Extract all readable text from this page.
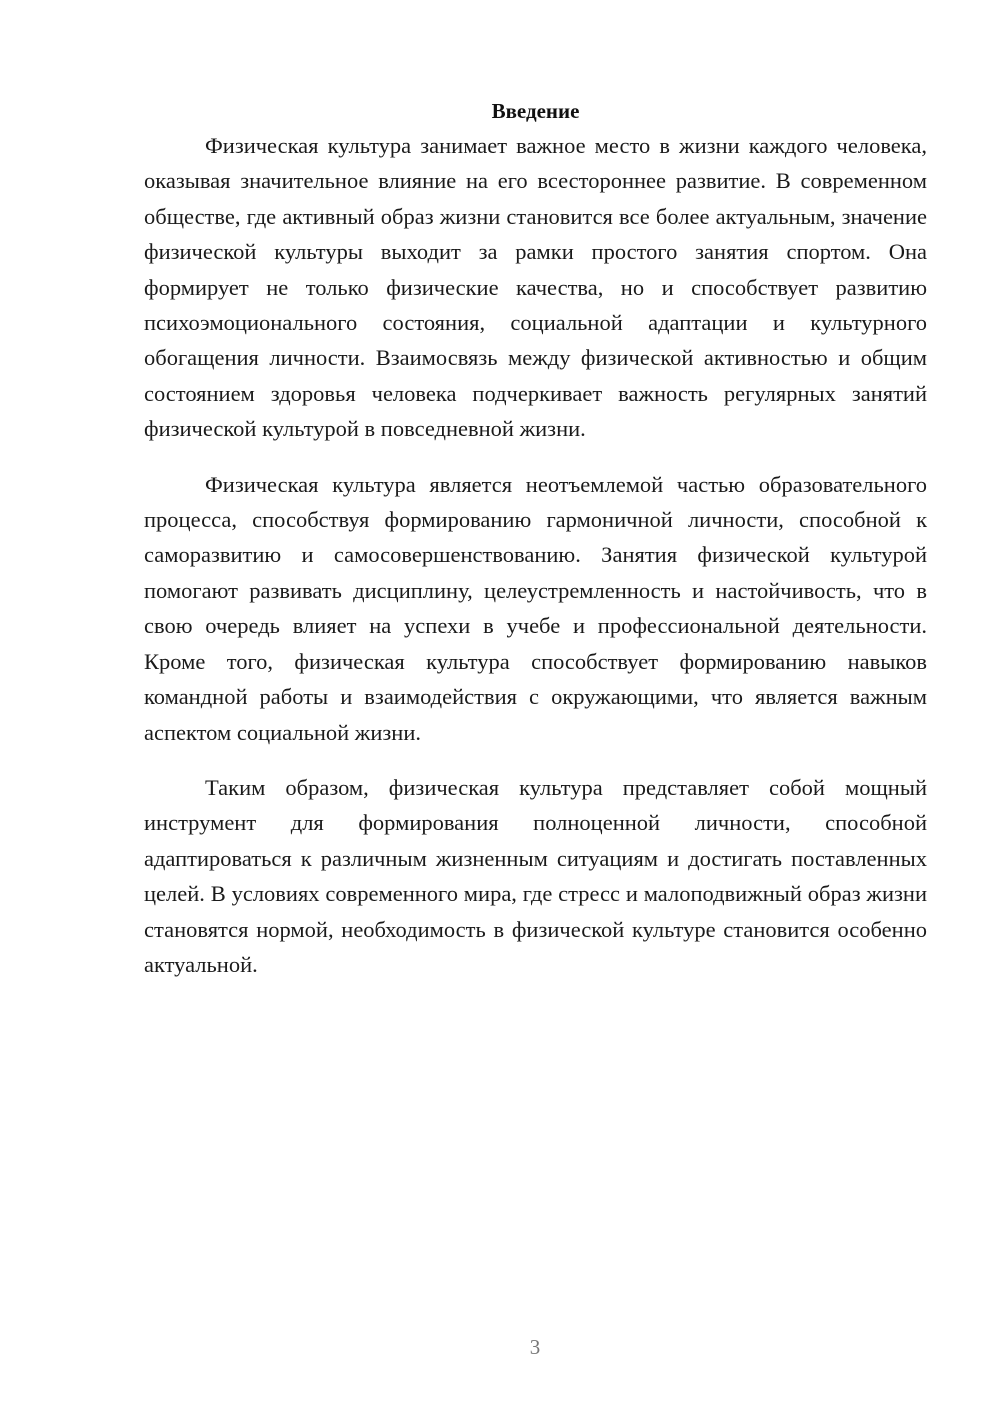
Введение

Физическая культура занимает важное место в жизни каждого человека, оказывая значительное влияние на его всестороннее развитие. В современном обществе, где активный образ жизни становится все более актуальным, значение физической культуры выходит за рамки простого занятия спортом. Она формирует не только физические качества, но и способствует развитию психоэмоционального состояния, социальной адаптации и культурного обогащения личности. Взаимосвязь между физической активностью и общим состоянием здоровья человека подчеркивает важность регулярных занятий физической культурой в повседневной жизни.

Физическая культура является неотъемлемой частью образовательного процесса, способствуя формированию гармоничной личности, способной к саморазвитию и самосовершенствованию. Занятия физической культурой помогают развивать дисциплину, целеустремленность и настойчивость, что в свою очередь влияет на успехи в учебе и профессиональной деятельности. Кроме того, физическая культура способствует формированию навыков командной работы и взаимодействия с окружающими, что является важным аспектом социальной жизни.

Таким образом, физическая культура представляет собой мощный инструмент для формирования полноценной личности, способной адаптироваться к различным жизненным ситуациям и достигать поставленных целей. В условиях современного мира, где стресс и малоподвижный образ жизни становятся нормой, необходимость в физической культуре становится особенно актуальной.

3
